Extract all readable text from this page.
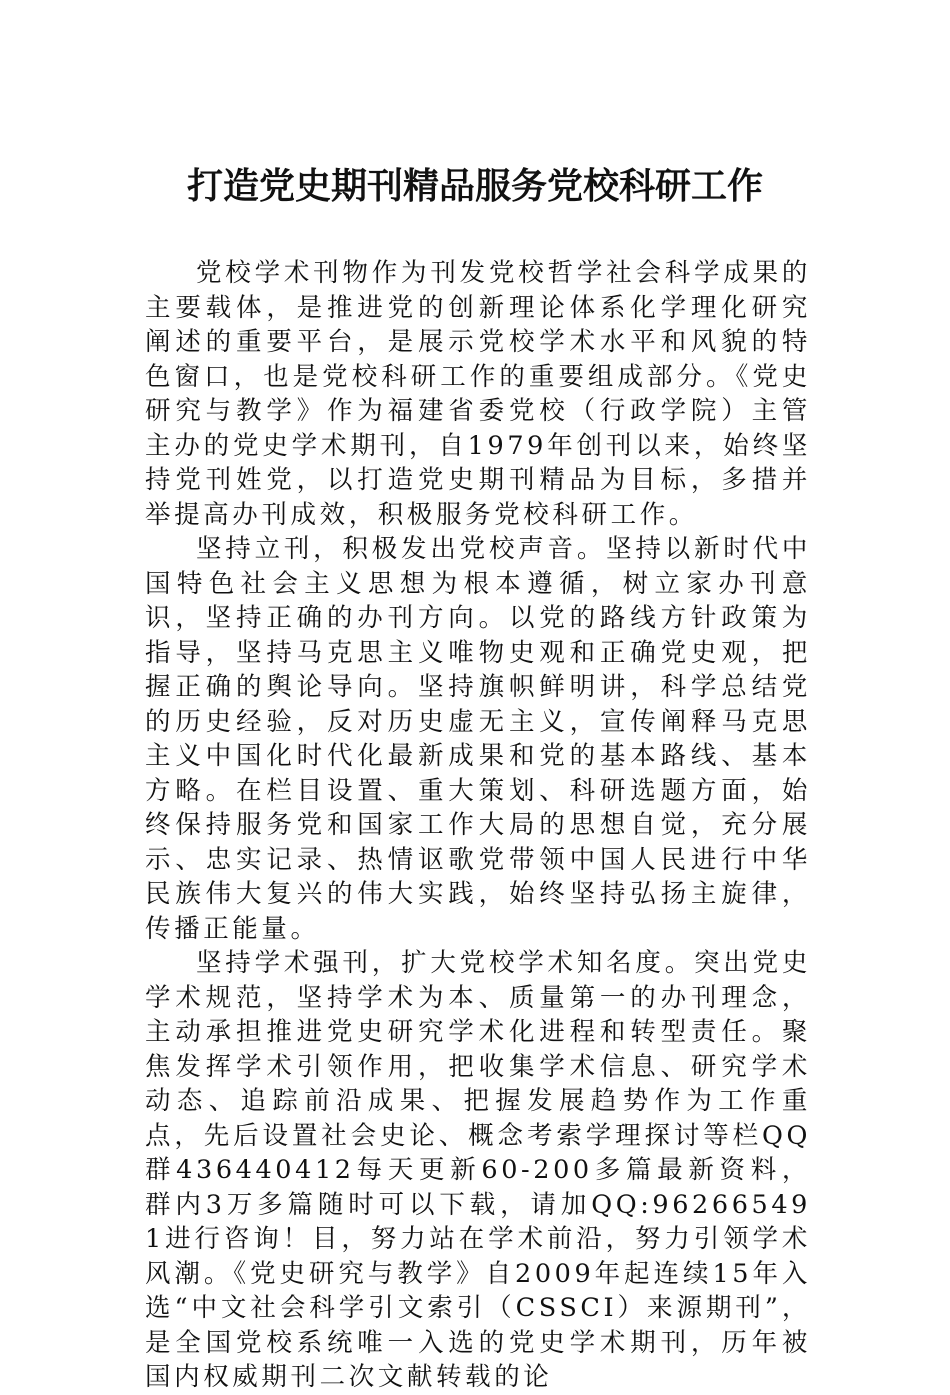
打造党史期刊精品服务党校科研工作

党校学术刊物作为刊发党校哲学社会科学成果的主要载体，是推进党的创新理论体系化学理化研究阐述的重要平台，是展示党校学术水平和风貌的特色窗口，也是党校科研工作的重要组成部分。《党史研究与教学》作为福建省委党校（行政学院）主管主办的党史学术期刊，自1979年创刊以来，始终坚持党刊姓党，以打造党史期刊精品为目标，多措并举提高办刊成效，积极服务党校科研工作。

坚持立刊，积极发出党校声音。坚持以新时代中国特色社会主义思想为根本遵循，树立家办刊意识，坚持正确的办刊方向。以党的路线方针政策为指导，坚持马克思主义唯物史观和正确党史观，把握正确的舆论导向。坚持旗帜鲜明讲，科学总结党的历史经验，反对历史虚无主义，宣传阐释马克思主义中国化时代化最新成果和党的基本路线、基本方略。在栏目设置、重大策划、科研选题方面，始终保持服务党和国家工作大局的思想自觉，充分展示、忠实记录、热情讴歌党带领中国人民进行中华民族伟大复兴的伟大实践，始终坚持弘扬主旋律，传播正能量。

坚持学术强刊，扩大党校学术知名度。突出党史学术规范，坚持学术为本、质量第一的办刊理念，主动承担推进党史研究学术化进程和转型责任。聚焦发挥学术引领作用，把收集学术信息、研究学术动态、追踪前沿成果、把握发展趋势作为工作重点，先后设置社会史论、概念考索学理探讨等栏QQ群436440412每天更新60-200多篇最新资料，群内3万多篇随时可以下载，请加QQ:962665491进行咨询！目，努力站在学术前沿，努力引领学术风潮。《党史研究与教学》自2009年起连续15年入选“中文社会科学引文索引（CSSCI）来源期刊”，是全国党校系统唯一入选的党史学术期刊，历年被国内权威期刊二次文献转载的论
